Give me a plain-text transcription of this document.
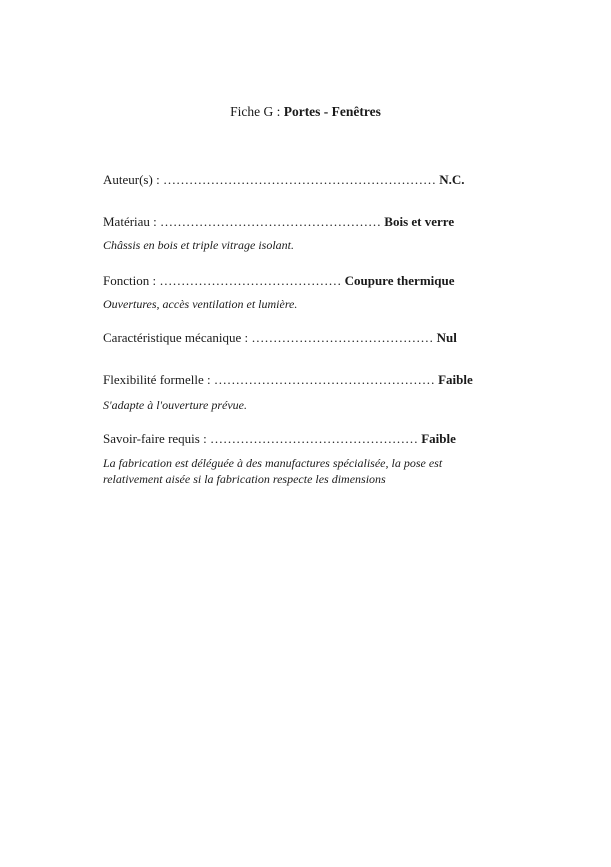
Fiche G : Portes - Fenêtres
Auteur(s) : ……………………………………………………… N.C.
Matériau : …………………………………………… Bois et verre
Châssis en bois et triple vitrage isolant.
Fonction : …………………………………… Coupure thermique
Ouvertures, accès ventilation et lumière.
Caractéristique mécanique : …………………………………… Nul
Flexibilité formelle : …………………………………………… Faible
S'adapte à l'ouverture prévue.
Savoir-faire requis : ………………………………………… Faible
La fabrication est déléguée à des manufactures spécialisée, la pose est
relativement aisée si la fabrication respecte les dimensions
